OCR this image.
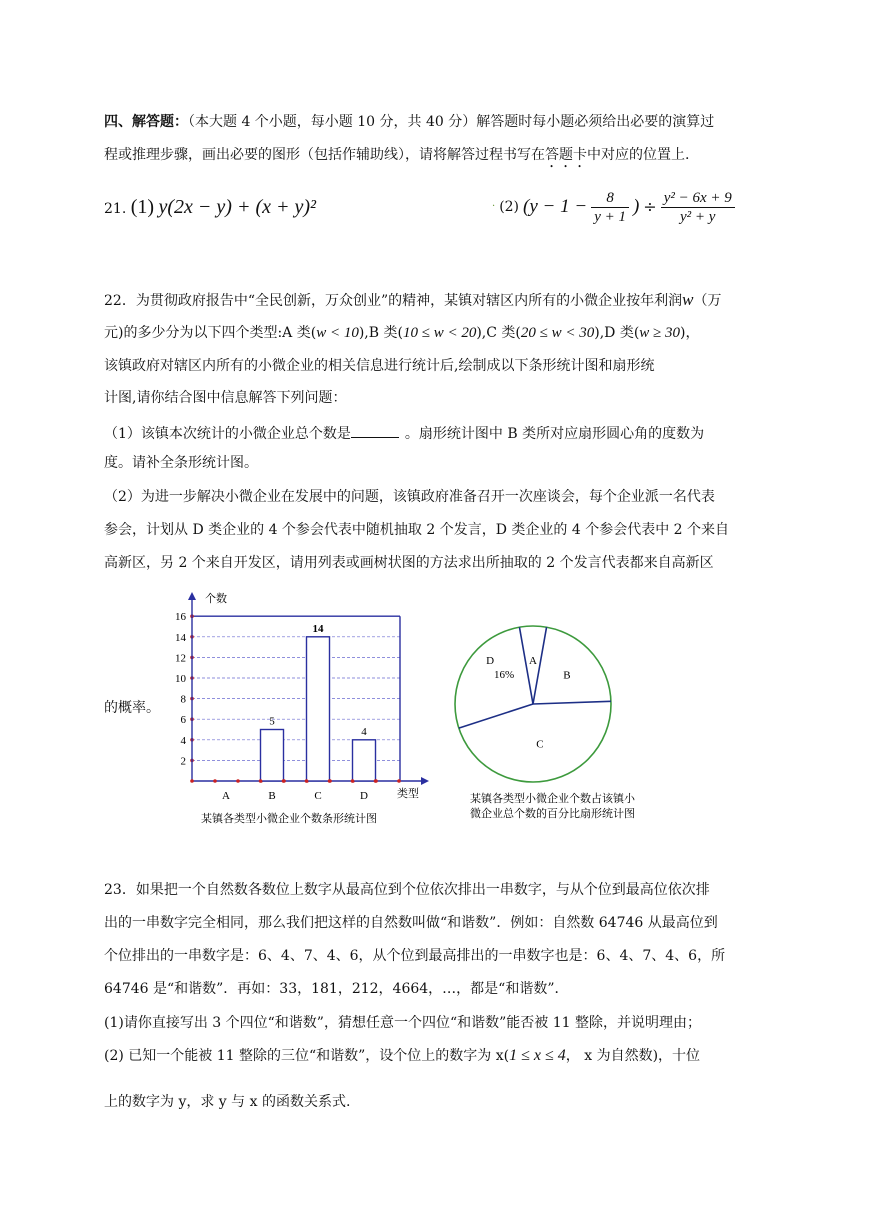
四、解答题：（本大题 4 个小题，每小题 10 分，共 40 分）解答题时每小题必须给出必要的演算过
程或推理步骤，画出必要的图形（包括作辅助线），请将解答过程书写在答题卡中对应的位置上.
21. (1) y(2x − y) + (x + y)²	· (2) ($y - 1 - \frac{8}{y + 1}$ ) ÷ $\frac{\text{y² − 6x + 9}}{\text{y² + y}}$
22．为贯彻政府报告中“全民创新，万众创业”的精神，某镇对辖区内所有的小微企业按年利润w（万
元)的多少分为以下四个类型:A 类(w < 10),B 类(10 ≤ w < 20),C 类(20 ≤ w < 30),D 类(w ≥ 30)，
该镇政府对辖区内所有的小微企业的相关信息进行统计后,绘制成以下条形统计图和扇形统
计图,请你结合图中信息解答下列问题：
（1）该镇本次统计的小微企业总个数是	。扇形统计图中 B 类所对应扇形圆心角的度数为
度。请补全条形统计图。
（2）为进一步解决小微企业在发展中的问题，该镇政府准备召开一次座谈会，每个企业派一名代表
参会，计划从 D 类企业的 4 个参会代表中随机抽取 2 个发言，D 类企业的 4 个参会代表中 2 个来自
高新区，另 2 个来自开发区，请用列表或画树状图的方法求出所抽取的 2 个发言代表都来自高新区
的概率。
2
4
6
8
10
12
14
16
A
5
B
14
C
4
D
个数
类型
某镇各类型小微企业个数条形统计图
B
C
D	A
16%
某镇各类型小微企业个数占该镇小
微企业总个数的百分比扇形统计图
23．如果把一个自然数各数位上数字从最高位到个位依次排出一串数字，与从个位到最高位依次排
出的一串数字完全相同，那么我们把这样的自然数叫做“和谐数”．例如：自然数 64746 从最高位到
个位排出的一串数字是：6、4、7、4、6，从个位到最高排出的一串数字也是：6、4、7、4、6，所
64746 是“和谐数”．再如：33，181，212，4664，…，都是“和谐数”．
(1)请你直接写出 3 个四位“和谐数”，猜想任意一个四位“和谐数”能否被 11 整除，并说明理由；
(2) 已知一个能被 11 整除的三位“和谐数”，设个位上的数字为 x(1 ≤ x ≤ 4， x 为自然数)，十位
上的数字为 y，求 y 与 x 的函数关系式.
